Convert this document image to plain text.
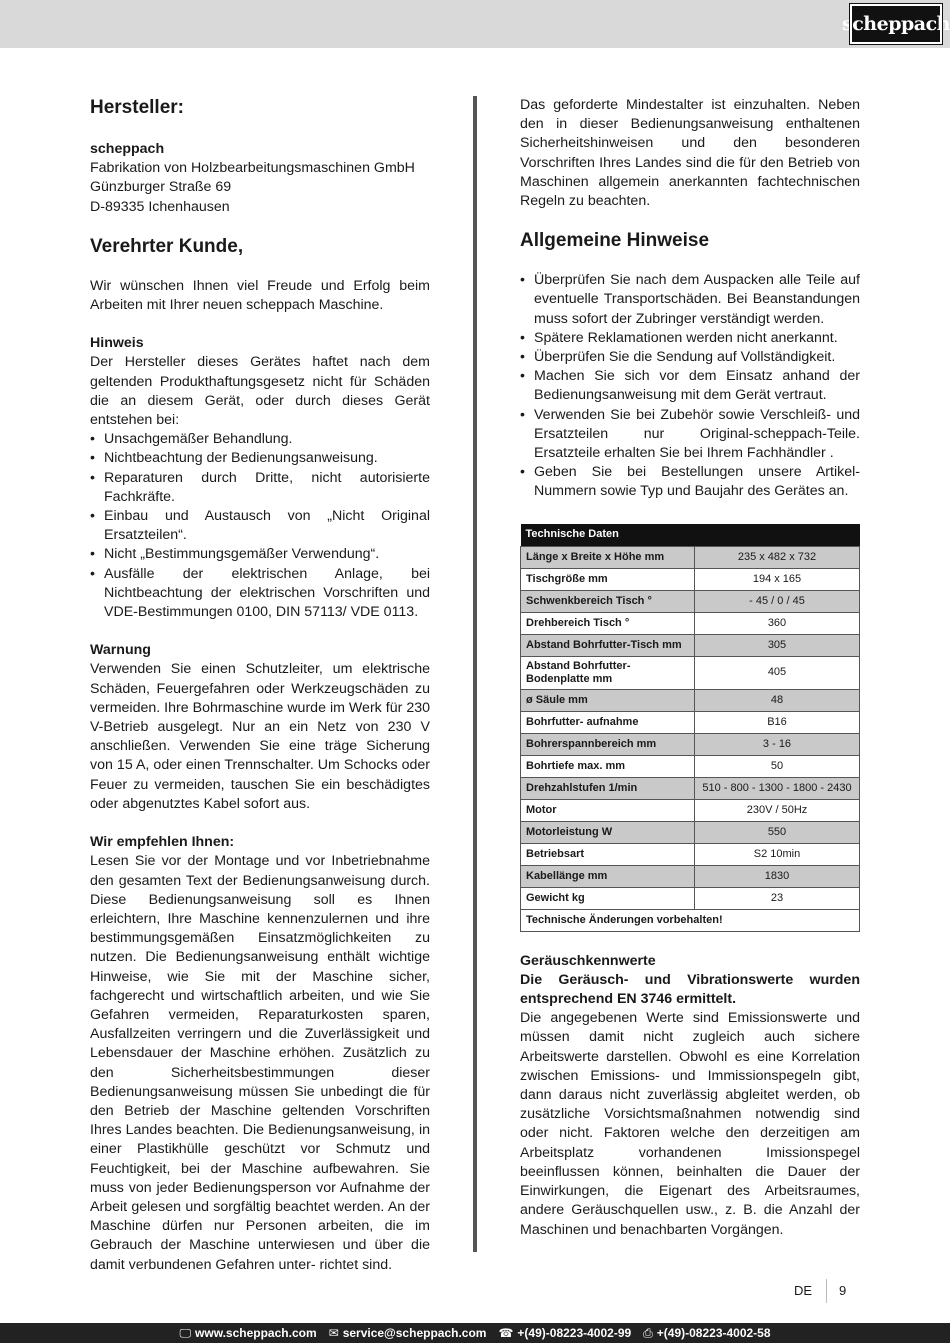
scheppach
Hersteller:

scheppach

Fabrikation von Holzbearbeitungsmaschinen GmbH

Günzburger Straße 69

D-89335 Ichenhausen

Verehrter Kunde,

Wir wünschen Ihnen viel Freude und Erfolg beim Arbeiten mit Ihrer neuen scheppach Maschine.

Hinweis

Der Hersteller dieses Gerätes haftet nach dem geltenden Produkthaftungsgesetz nicht für Schäden die an diesem Gerät, oder durch dieses Gerät entstehen bei:

• Unsachgemäßer Behandlung.
• Nichtbeachtung der Bedienungsanweisung.
• Reparaturen durch Dritte, nicht autorisierte Fachkräfte.
• Einbau und Austausch von „Nicht Original Ersatzteilen“.
• Nicht „Bestimmungsgemäßer Verwendung“.
• Ausfälle der elektrischen Anlage, bei Nichtbeachtung der elektrischen Vorschriften und VDE-Bestimmungen 0100, DIN 57113/ VDE 0113.

Warnung

Verwenden Sie einen Schutzleiter, um elektrische Schäden, Feuergefahren oder Werkzeugschäden zu vermeiden. Ihre Bohrmaschine wurde im Werk für 230 V-Betrieb ausgelegt. Nur an ein Netz von 230 V anschließen. Verwenden Sie eine träge Sicherung von 15 A, oder einen Trennschalter. Um Schocks oder Feuer zu vermeiden, tauschen Sie ein beschädigtes oder abgenutztes Kabel sofort aus.

Wir empfehlen Ihnen:

Lesen Sie vor der Montage und vor Inbetriebnahme den gesamten Text der Bedienungsanweisung durch. Diese Bedienungsanweisung soll es Ihnen erleichtern, Ihre Maschine kennenzulernen und ihre bestimmungsgemäßen Einsatzmöglichkeiten zu nutzen. Die Bedienungsanweisung enthält wichtige Hinweise, wie Sie mit der Maschine sicher, fachgerecht und wirtschaftlich arbeiten, und wie Sie Gefahren vermeiden, Reparaturkosten sparen, Ausfallzeiten verringern und die Zuverlässigkeit und Lebensdauer der Maschine erhöhen. Zusätzlich zu den Sicherheitsbestimmungen dieser Bedienungsanweisung müssen Sie unbedingt die für den Betrieb der Maschine geltenden Vorschriften Ihres Landes beachten. Die Bedienungsanweisung, in einer Plastikhülle geschützt vor Schmutz und Feuchtigkeit, bei der Maschine aufbewahren. Sie muss von jeder Bedienungsperson vor Aufnahme der Arbeit gelesen und sorgfältig beachtet werden. An der Maschine dürfen nur Personen arbeiten, die im Gebrauch der Maschine unterwiesen und über die damit verbundenen Gefahren unter- richtet sind.

Das geforderte Mindestalter ist einzuhalten. Neben den in dieser Bedienungsanweisung enthaltenen Sicherheitshinweisen und den besonderen Vorschriften Ihres Landes sind die für den Betrieb von Maschinen allgemein anerkannten fachtechnischen Regeln zu beachten.

Allgemeine Hinweise
• Überprüfen Sie nach dem Auspacken alle Teile auf eventuelle Transportschäden. Bei Beanstandungen muss sofort der Zubringer verständigt werden.
• Spätere Reklamationen werden nicht anerkannt.
• Überprüfen Sie die Sendung auf Vollständigkeit.
• Machen Sie sich vor dem Einsatz anhand der Bedienungsanweisung mit dem Gerät vertraut.
• Verwenden Sie bei Zubehör sowie Verschleiß- und Ersatzteilen nur Original-scheppach-Teile. Ersatzteile erhalten Sie bei Ihrem Fachhändler .
• Geben Sie bei Bestellungen unsere Artikel-Nummern sowie Typ und Baujahr des Gerätes an.
Technische Daten	
Länge x Breite x Höhe mm	235 x 482 x 732
Tischgröße mm	194 x 165
Schwenkbereich Tisch °	- 45 / 0 / 45
Drehbereich Tisch °	360
Abstand Bohrfutter-Tisch mm	305
Abstand Bohrfutter-Bodenplatte mm	405
ø Säule mm	48
Bohrfutter- aufnahme	B16
Bohrerspannbereich mm	3 - 16
Bohrtiefe max. mm	50
Drehzahlstufen 1/min	510 - 800 - 1300 - 1800 - 2430
Motor	230V / 50Hz
Motorleistung W	550
Betriebsart	S2 10min
Kabellänge mm	1830
Gewicht kg	23
Technische Änderungen vorbehalten!	

Geräuschkennwerte

Die Geräusch- und Vibrationswerte wurden entsprechend EN 3746 ermittelt.

Die angegebenen Werte sind Emissionswerte und müssen damit nicht zugleich auch sichere Arbeitswerte darstellen. Obwohl es eine Korrelation zwischen Emissions- und Immissionspegeln gibt, dann daraus nicht zuverlässig abgleitet werden, ob zusätzliche Vorsichtsmaßnahmen notwendig sind oder nicht. Faktoren welche den derzeitigen am Arbeitsplatz vorhandenen Imissionspegel beeinflussen können, beinhalten die Dauer der Einwirkungen, die Eigenart des Arbeitsraumes, andere Geräuschquellen usw., z. B. die Anzahl der Maschinen und benachbarten Vorgängen.

DE 9
🖵 www.scheppach.com ✉ service@scheppach.com ☎ +(49)-08223-4002-99 ⎙ +(49)-08223-4002-58
